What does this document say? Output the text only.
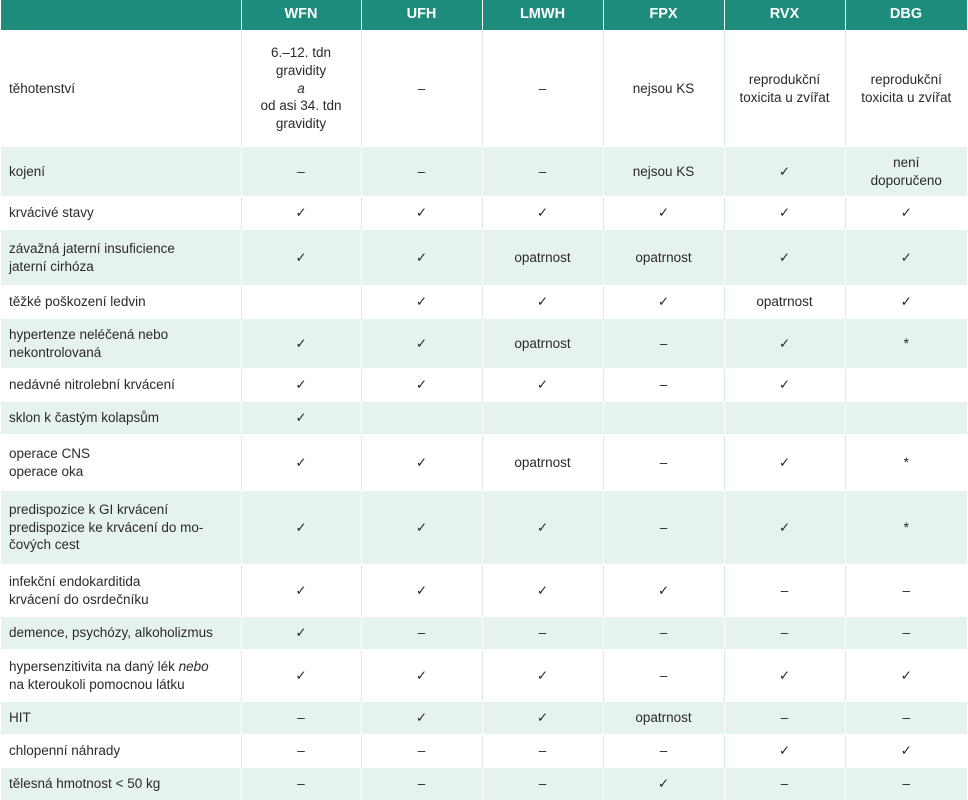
	WFN	UFH	LMWH	FPX	RVX	DBG

těhotenství	6.–12. tdn
gravidity
a
od asi 34. tdn
gravidity	–	–	nejsou KS	reprodukční
toxicita u zvířat	reprodukční
toxicita u zvířat

kojení	–	–	–	nejsou KS	✓	není
doporučeno

krvácivé stavy	✓	✓	✓	✓	✓	✓

závažná jaterní insuficience
jaterní cirhóza	✓	✓	opatrnost	opatrnost	✓	✓

těžké poškození ledvin		✓	✓	✓	opatrnost	✓

hypertenze neléčená nebo
nekontrolovaná	✓	✓	opatrnost	–	✓	*

nedávné nitrolební krvácení	✓	✓	✓	–	✓	

sklon k častým kolapsům	✓					

operace CNS
operace oka	✓	✓	opatrnost	–	✓	*

predispozice k GI krvácení
predispozice ke krvácení do mo-
čových cest	✓	✓	✓	–	✓	*

infekční endokarditida
krvácení do osrdečníku	✓	✓	✓	✓	–	–

demence, psychózy, alkoholizmus	✓	–	–	–	–	–

hypersenzitivita na daný lék nebo
na kteroukoli pomocnou látku	✓	✓	✓	–	✓	✓

HIT	–	✓	✓	opatrnost	–	–

chlopenní náhrady	–	–	–	–	✓	✓

tělesná hmotnost < 50 kg	–	–	–	✓	–	–
